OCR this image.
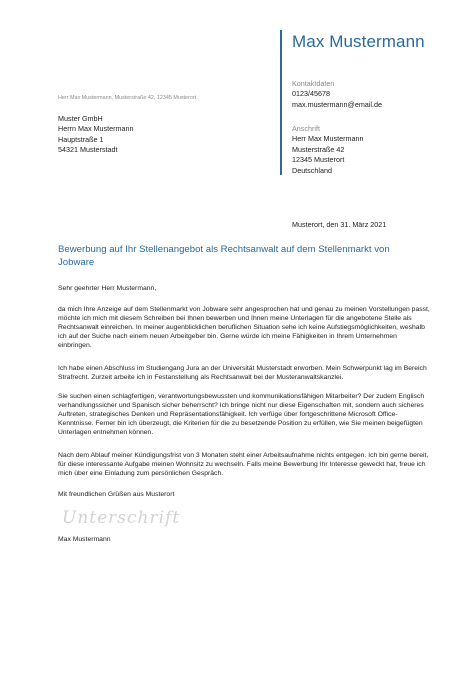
Max Mustermann
Kontaktdaten
0123/45678
max.mustermann@email.de
Anschrift
Herr Max Mustermann
Musterstraße 42
12345 Musterort
Deutschland
Herr Max Mustermann, Musterstraße 42, 12345 Musterort
Muster GmbH
Herrn Max Mustermann
Hauptstraße 1
54321 Musterstadt
Musterort, den 31. März 2021
Bewerbung auf Ihr Stellenangebot als Rechtsanwalt auf dem Stellenmarkt von Jobware
Sehr geehrter Herr Mustermann,
da mich Ihre Anzeige auf dem Stellenmarkt von Jobware sehr angesprochen hat und genau zu meinen Vorstellungen passt, möchte ich mich mit diesem Schreiben bei Ihnen bewerben und Ihnen meine Unterlagen für die angebotene Stelle als Rechtsanwalt einreichen. In meiner augenblicklichen beruflichen Situation sehe ich keine Aufstiegsmöglichkeiten, weshalb ich auf der Suche nach einem neuen Arbeitgeber bin. Gerne würde ich meine Fähigkeiten in Ihrem Unternehmen einbringen.
Ich habe einen Abschluss im Studiengang Jura an der Universität Musterstadt erworben. Mein Schwerpunkt lag im Bereich Strafrecht. Zurzeit arbeite ich in Festanstellung als Rechtsanwalt bei der Musteranwaltskanzlei.
Sie suchen einen schlagfertigen, verantwortungsbewussten und kommunikationsfähigen Mitarbeiter? Der zudem Englisch verhandlungssicher und Spanisch sicher beherrscht? Ich bringe nicht nur diese Eigenschaften mit, sondern auch sicheres Auftreten, strategisches Denken und Repräsentationsfähigkeit. Ich verfüge über fortgeschrittene Microsoft Office-Kenntnisse. Ferner bin ich überzeugt, die Kriterien für die zu besetzende Position zu erfüllen, wie Sie meinen beigefügten Unterlagen entnehmen können.
Nach dem Ablauf meiner Kündigungsfrist von 3 Monaten steht einer Arbeitsaufnahme nichts entgegen. Ich bin gerne bereit, für diese interessante Aufgabe meinen Wohnsitz zu wechseln. Falls meine Bewerbung Ihr Interesse geweckt hat, freue ich mich über eine Einladung zum persönlichen Gespräch.
Mit freundlichen Grüßen aus Musterort
Unterschrift
Max Mustermann
